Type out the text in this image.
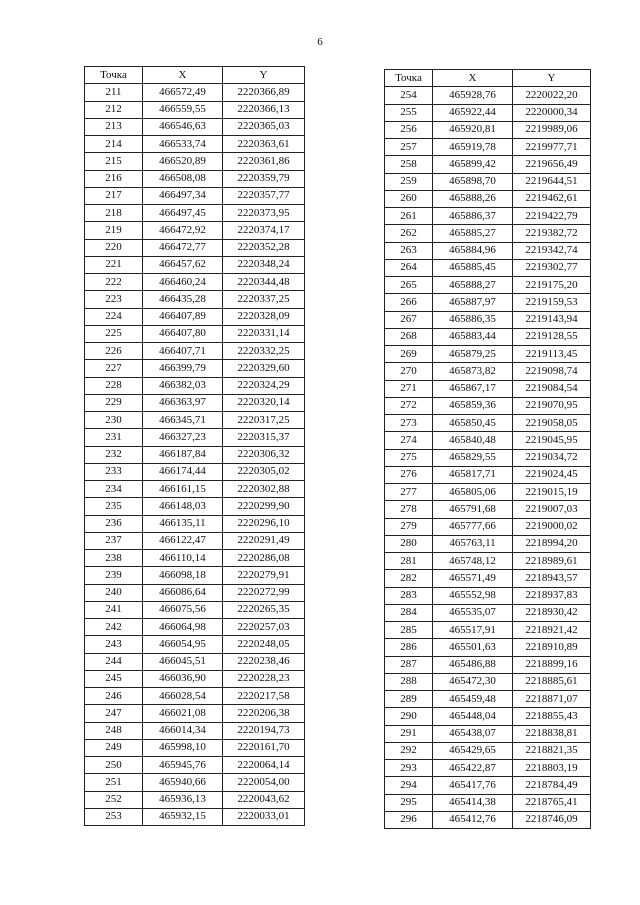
6
Точка	X	Y
211	466572,49	2220366,89
212	466559,55	2220366,13
213	466546,63	2220365,03
214	466533,74	2220363,61
215	466520,89	2220361,86
216	466508,08	2220359,79
217	466497,34	2220357,77
218	466497,45	2220373,95
219	466472,92	2220374,17
220	466472,77	2220352,28
221	466457,62	2220348,24
222	466460,24	2220344,48
223	466435,28	2220337,25
224	466407,89	2220328,09
225	466407,80	2220331,14
226	466407,71	2220332,25
227	466399,79	2220329,60
228	466382,03	2220324,29
229	466363,97	2220320,14
230	466345,71	2220317,25
231	466327,23	2220315,37
232	466187,84	2220306,32
233	466174,44	2220305,02
234	466161,15	2220302,88
235	466148,03	2220299,90
236	466135,11	2220296,10
237	466122,47	2220291,49
238	466110,14	2220286,08
239	466098,18	2220279,91
240	466086,64	2220272,99
241	466075,56	2220265,35
242	466064,98	2220257,03
243	466054,95	2220248,05
244	466045,51	2220238,46
245	466036,90	2220228,23
246	466028,54	2220217,58
247	466021,08	2220206,38
248	466014,34	2220194,73
249	465998,10	2220161,70
250	465945,76	2220064,14
251	465940,66	2220054,00
252	465936,13	2220043,62
253	465932,15	2220033,01
Точка	X	Y
254	465928,76	2220022,20
255	465922,44	2220000,34
256	465920,81	2219989,06
257	465919,78	2219977,71
258	465899,42	2219656,49
259	465898,70	2219644,51
260	465888,26	2219462,61
261	465886,37	2219422,79
262	465885,27	2219382,72
263	465884,96	2219342,74
264	465885,45	2219302,77
265	465888,27	2219175,20
266	465887,97	2219159,53
267	465886,35	2219143,94
268	465883,44	2219128,55
269	465879,25	2219113,45
270	465873,82	2219098,74
271	465867,17	2219084,54
272	465859,36	2219070,95
273	465850,45	2219058,05
274	465840,48	2219045,95
275	465829,55	2219034,72
276	465817,71	2219024,45
277	465805,06	2219015,19
278	465791,68	2219007,03
279	465777,66	2219000,02
280	465763,11	2218994,20
281	465748,12	2218989,61
282	465571,49	2218943,57
283	465552,98	2218937,83
284	465535,07	2218930,42
285	465517,91	2218921,42
286	465501,63	2218910,89
287	465486,88	2218899,16
288	465472,30	2218885,61
289	465459,48	2218871,07
290	465448,04	2218855,43
291	465438,07	2218838,81
292	465429,65	2218821,35
293	465422,87	2218803,19
294	465417,76	2218784,49
295	465414,38	2218765,41
296	465412,76	2218746,09
